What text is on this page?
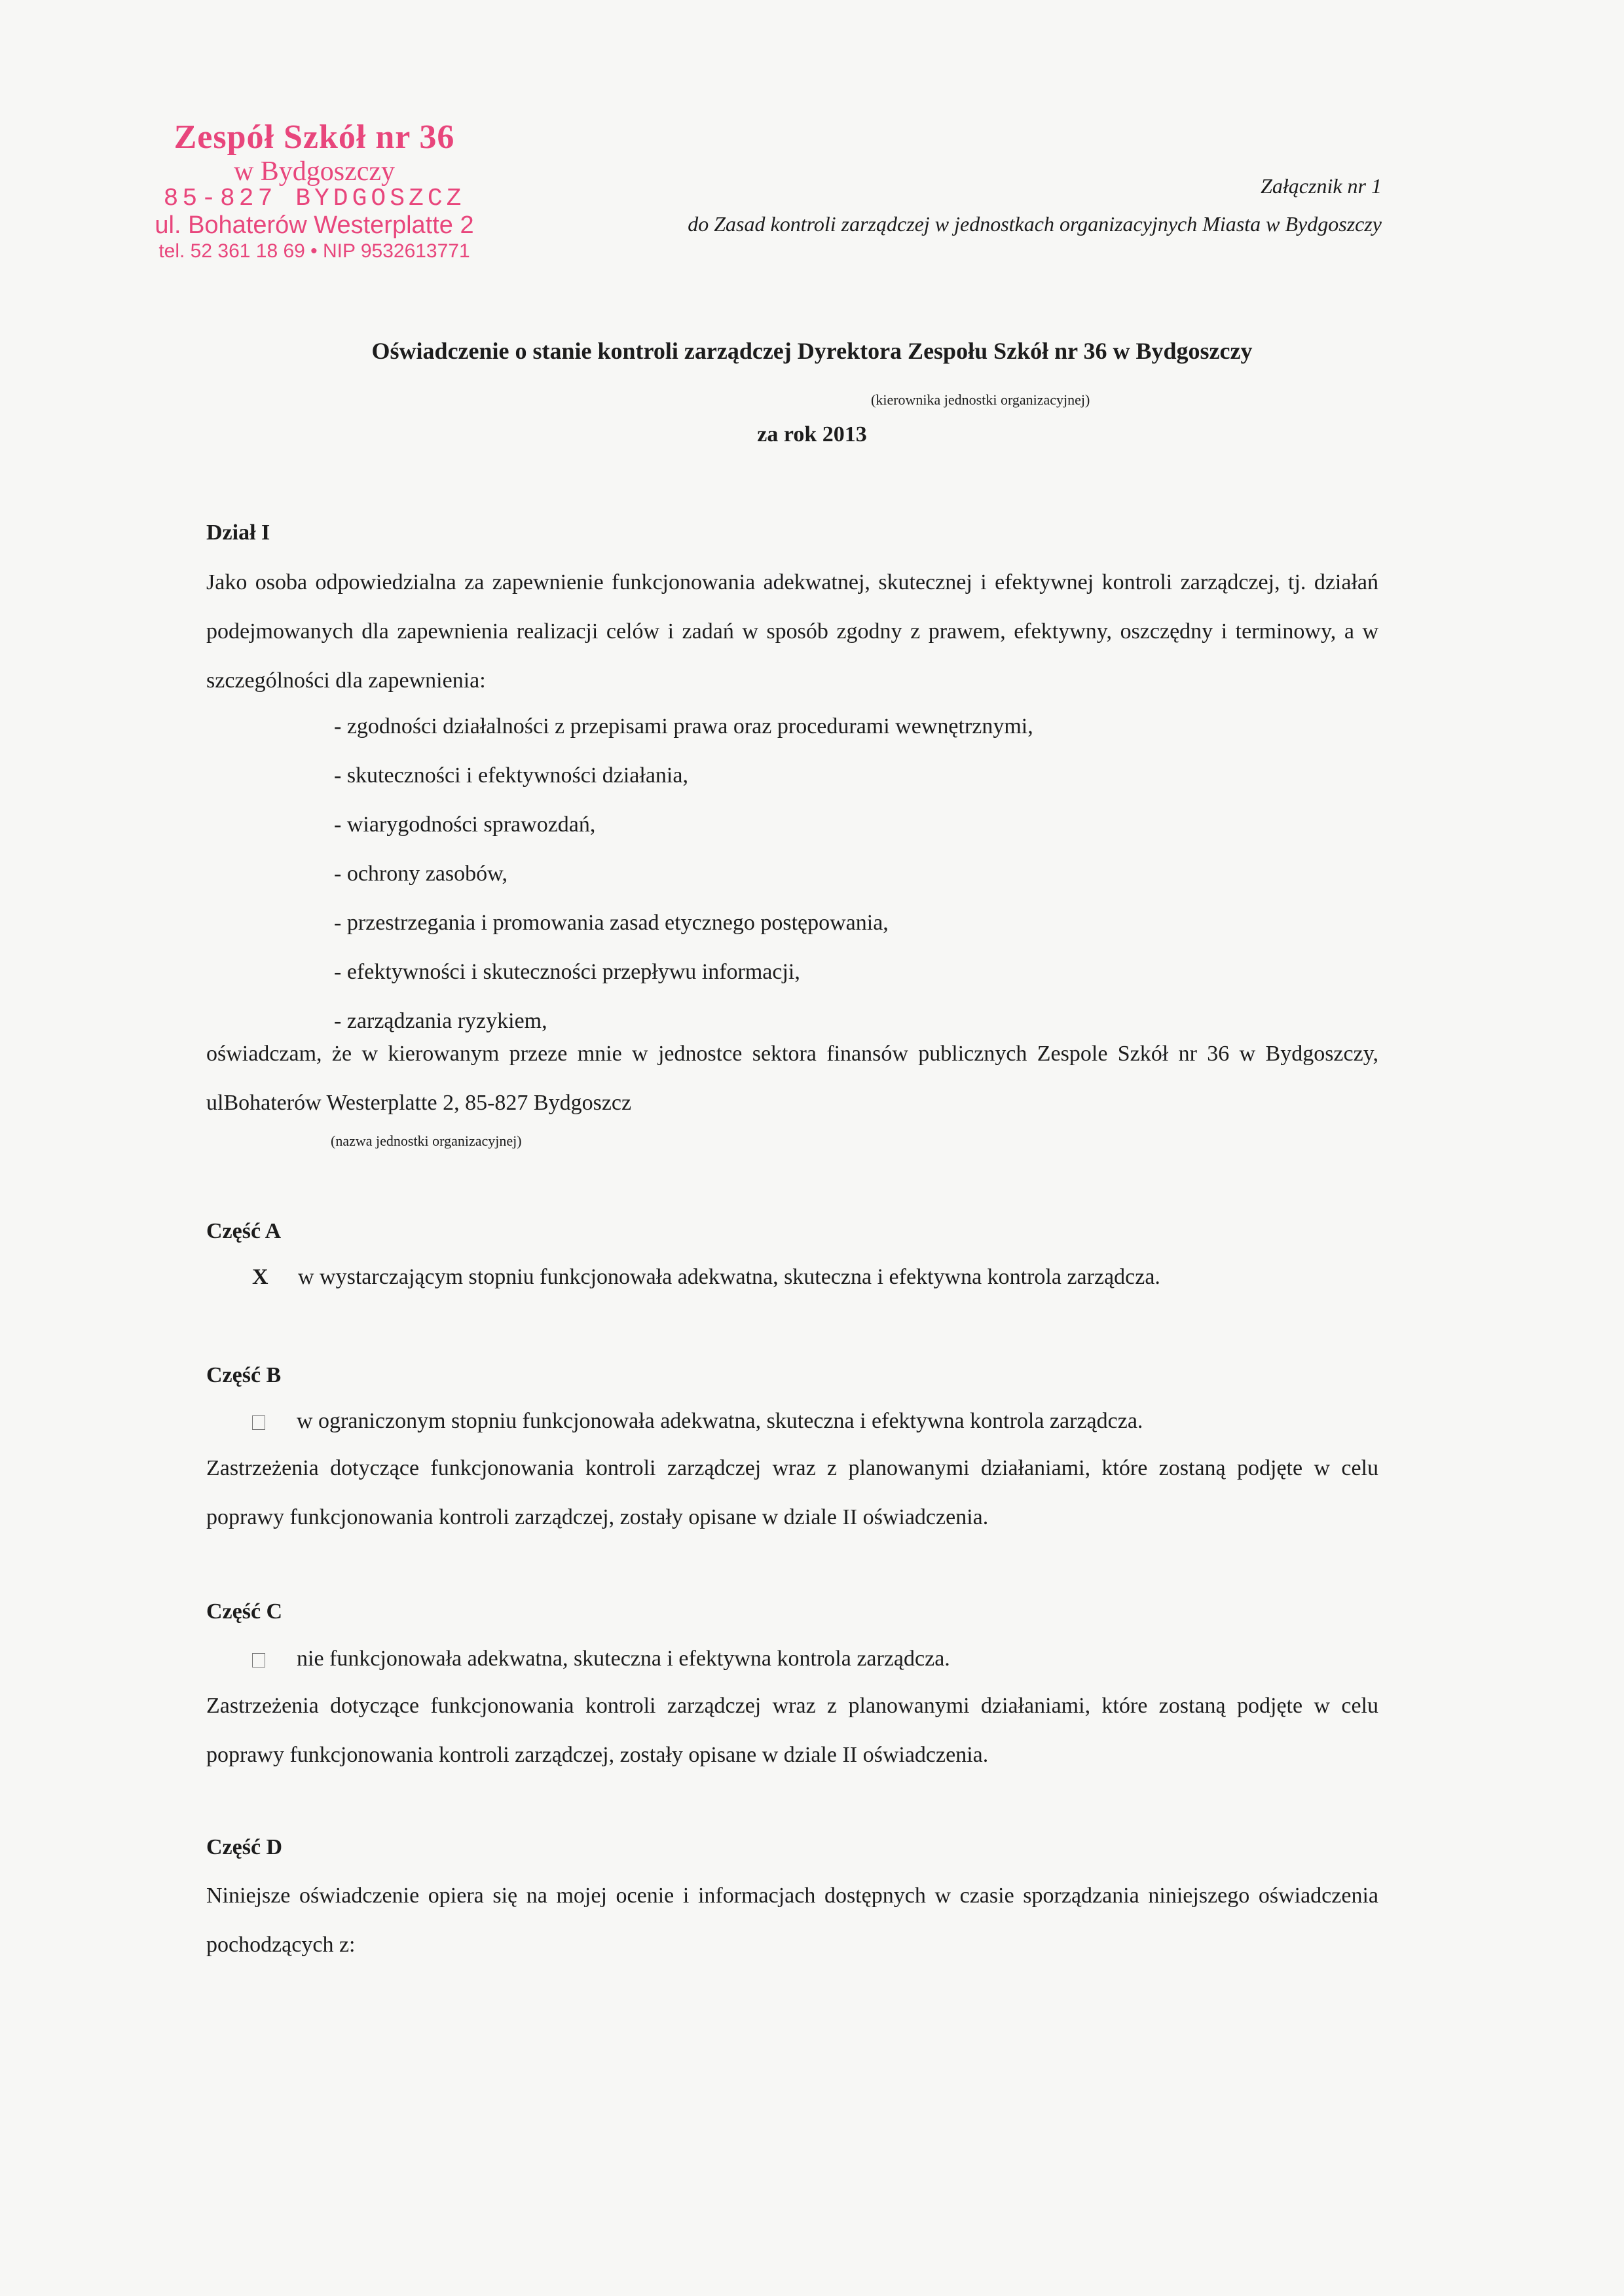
Zespół Szkół nr 36
w Bydgoszczy
85-827 BYDGOSZCZ
ul. Bohaterów Westerplatte 2
tel. 52 361 18 69 • NIP 9532613771
Załącznik nr 1
do Zasad kontroli zarządczej w jednostkach organizacyjnych Miasta w Bydgoszczy
Oświadczenie o stanie kontroli zarządczej Dyrektora Zespołu Szkół nr 36 w Bydgoszczy
(kierownika jednostki organizacyjnej)
za rok 2013
Dział I
Jako osoba odpowiedzialna za zapewnienie funkcjonowania adekwatnej, skutecznej i efektywnej kontroli zarządczej, tj. działań podejmowanych dla zapewnienia realizacji celów i zadań w sposób zgodny z prawem, efektywny, oszczędny i terminowy, a w szczególności dla zapewnienia:
- zgodności działalności z przepisami prawa oraz procedurami wewnętrznymi,
- skuteczności i efektywności działania,
- wiarygodności sprawozdań,
- ochrony zasobów,
- przestrzegania i promowania zasad etycznego postępowania,
- efektywności i skuteczności przepływu informacji,
- zarządzania ryzykiem,
oświadczam, że w kierowanym przeze mnie w jednostce sektora finansów publicznych Zespole Szkół nr 36 w Bydgoszczy, ulBohaterów Westerplatte 2, 85-827 Bydgoszcz
(nazwa jednostki organizacyjnej)
Część A
X w wystarczającym stopniu funkcjonowała adekwatna, skuteczna i efektywna kontrola zarządcza.
Część B
w ograniczonym stopniu funkcjonowała adekwatna, skuteczna i efektywna kontrola zarządcza.
Zastrzeżenia dotyczące funkcjonowania kontroli zarządczej wraz z planowanymi działaniami, które zostaną podjęte w celu poprawy funkcjonowania kontroli zarządczej, zostały opisane w dziale II oświadczenia.
Część C
nie funkcjonowała adekwatna, skuteczna i efektywna kontrola zarządcza.
Zastrzeżenia dotyczące funkcjonowania kontroli zarządczej wraz z planowanymi działaniami, które zostaną podjęte w celu poprawy funkcjonowania kontroli zarządczej, zostały opisane w dziale II oświadczenia.
Część D
Niniejsze oświadczenie opiera się na mojej ocenie i informacjach dostępnych w czasie sporządzania niniejszego oświadczenia pochodzących z:
